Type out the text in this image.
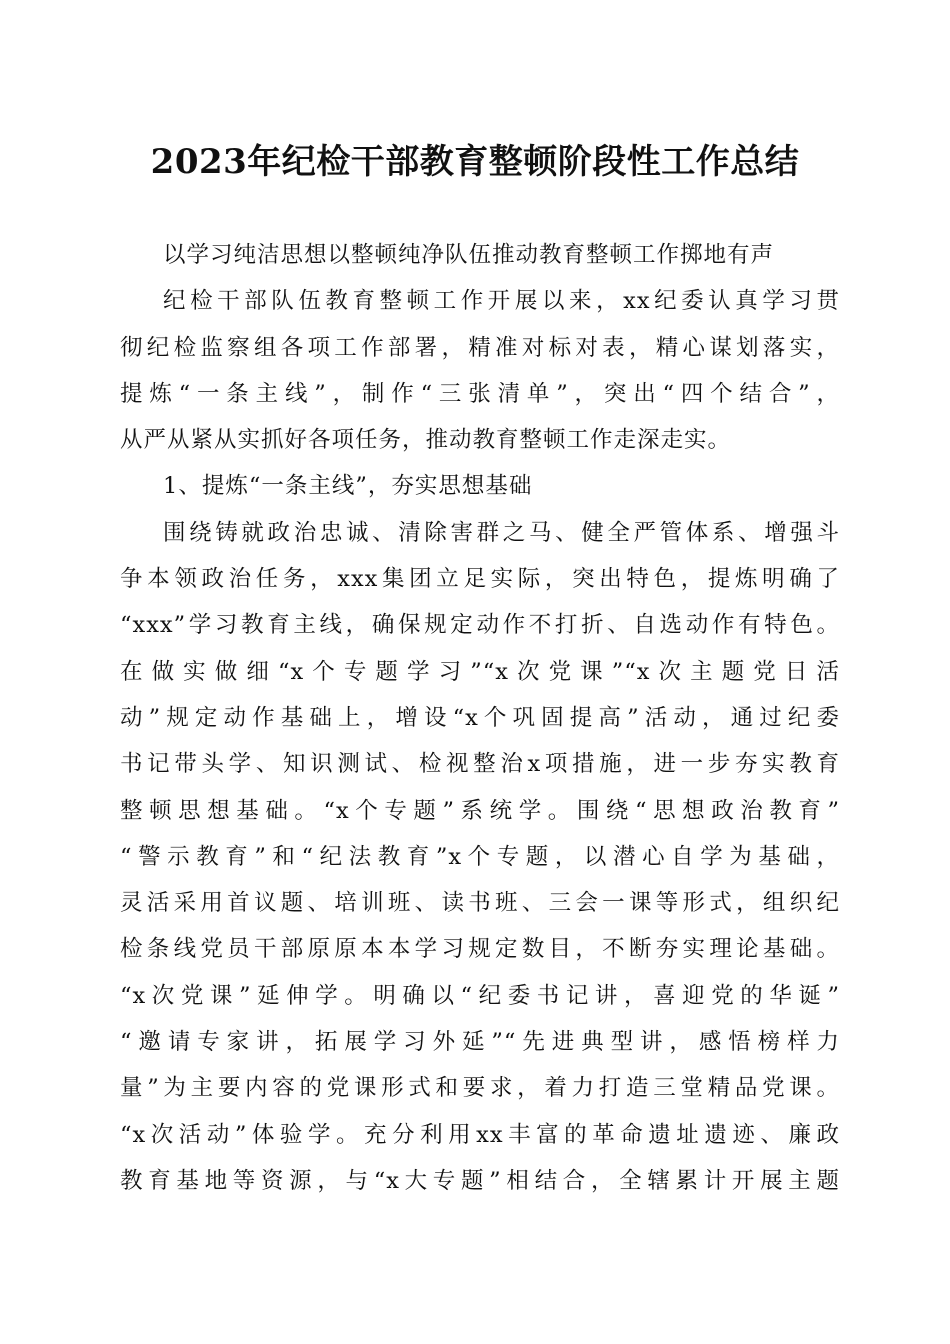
2023年纪检干部教育整顿阶段性工作总结
以学习纯洁思想以整顿纯净队伍推动教育整顿工作掷地有声
纪检干部队伍教育整顿工作开展以来，xx纪委认真学习贯
彻纪检监察组各项工作部署，精准对标对表，精心谋划落实，
提炼“一条主线”，制作“三张清单”，突出“四个结合”，
从严从紧从实抓好各项任务，推动教育整顿工作走深走实。
1、提炼“一条主线”，夯实思想基础
围绕铸就政治忠诚、清除害群之马、健全严管体系、增强斗
争本领政治任务，xxx集团立足实际，突出特色，提炼明确了
“xxx”学习教育主线，确保规定动作不打折、自选动作有特色。
在做实做细“x个专题学习”“x次党课”“x次主题党日活
动”规定动作基础上，增设“x个巩固提高”活动，通过纪委
书记带头学、知识测试、检视整治x项措施，进一步夯实教育
整顿思想基础。“x个专题”系统学。围绕“思想政治教育”
“警示教育”和“纪法教育”x个专题，以潜心自学为基础，
灵活采用首议题、培训班、读书班、三会一课等形式，组织纪
检条线党员干部原原本本学习规定数目，不断夯实理论基础。
“x次党课”延伸学。明确以“纪委书记讲，喜迎党的华诞”
“邀请专家讲，拓展学习外延”“先进典型讲，感悟榜样力
量”为主要内容的党课形式和要求，着力打造三堂精品党课。
“x次活动”体验学。充分利用xx丰富的革命遗址遗迹、廉政
教育基地等资源，与“x大专题”相结合，全辖累计开展主题
